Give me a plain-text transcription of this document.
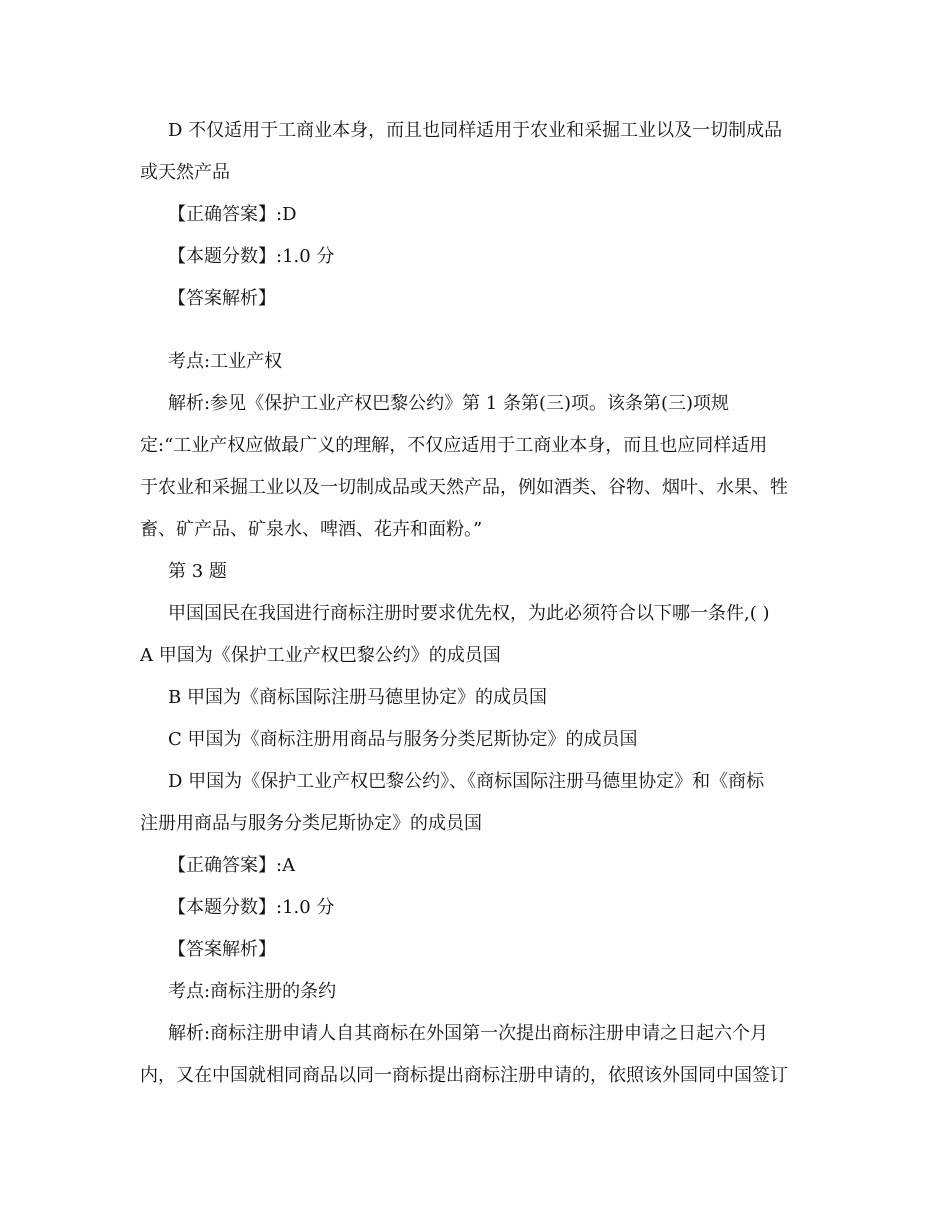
D 不仅适用于工商业本身，而且也同样适用于农业和采掘工业以及一切制成品
或天然产品
【正确答案】:D
【本题分数】:1.0 分
【答案解析】
考点:工业产权
解析:参见《保护工业产权巴黎公约》第 1 条第(三)项。该条第(三)项规
定:“工业产权应做最广义的理解，不仅应适用于工商业本身，而且也应同样适用
于农业和采掘工业以及一切制成品或天然产品，例如酒类、谷物、烟叶、水果、牲
畜、矿产品、矿泉水、啤酒、花卉和面粉。”
第 3 题
甲国国民在我国进行商标注册时要求优先权，为此必须符合以下哪一条件,( )
A 甲国为《保护工业产权巴黎公约》的成员国
B 甲国为《商标国际注册马德里协定》的成员国
C 甲国为《商标注册用商品与服务分类尼斯协定》的成员国
D 甲国为《保护工业产权巴黎公约》、《商标国际注册马德里协定》和《商标
注册用商品与服务分类尼斯协定》的成员国
【正确答案】:A
【本题分数】:1.0 分
【答案解析】
考点:商标注册的条约
解析:商标注册申请人自其商标在外国第一次提出商标注册申请之日起六个月
内，又在中国就相同商品以同一商标提出商标注册申请的，依照该外国同中国签订
